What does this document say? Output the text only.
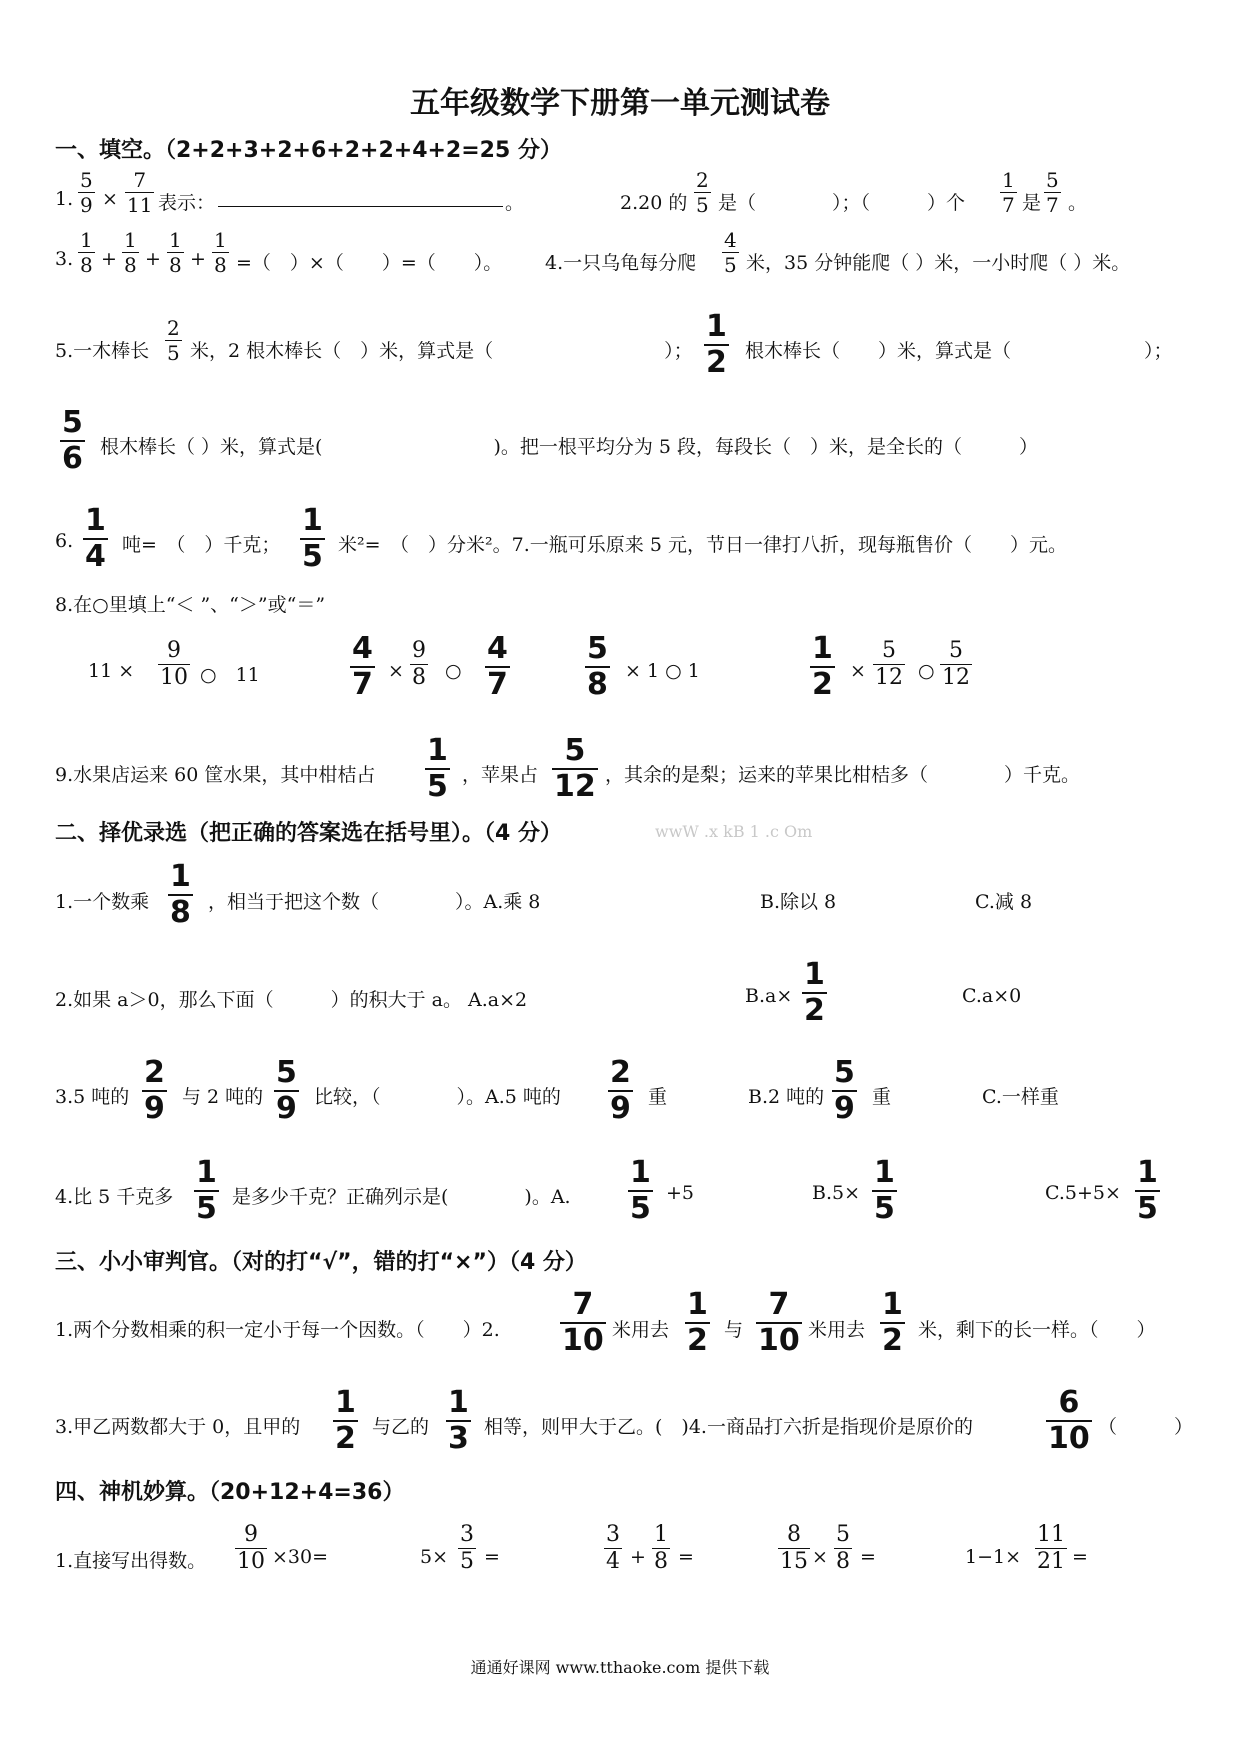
五年级数学下册第一单元测试卷
一、填空。（2+2+3+2+6+2+2+4+2=25 分）
1.
5
9 ×
7
11 表示：	。	2.20 的
2
5 是（　　　　）；（　　　）个
1
7 是
5
7 。
3.
1
8 +
1
8 +
1
8 +
1
8 =（　）×（　　）=（　　）。 4.一只乌龟每分爬
4
5 米，35 分钟能爬（ ）米，一小时爬（ ）米。
5.一木棒长
2
5 米，2 根木棒长（　）米，算式是（　　　　　　　　　）；
1
2 根木棒长（　　）米，算式是（　　　　　　　）；
5
6 根木棒长（ ）米，算式是(　　　　　　　　　)。把一根平均分为 5 段，每段长（　）米，是全长的（　　　）
6.
1
4 吨=　（　）千克；
1
5 米²=　（　）分米²。7.一瓶可乐原来 5 元，节日一律打八折，现每瓶售价（　　）元。
8.在○里填上“＜ ”、“＞”或“＝”
11 ×
9
10 ○　11
4
7 ×
9
8 ○
4
7
5
8 × 1 ○ 1
1
2 ×
5
12 ○
5
12
9.水果店运来 60 筐水果，其中柑桔占
1
5 ，苹果占
5
12 ，其余的是梨；运来的苹果比柑桔多（　　　　）千克。
二、择优录选（把正确的答案选在括号里）。（4 分）	wwW .x kB 1 .c Om
1.一个数乘
1
8 ，相当于把这个数（　　　　）。A.乘 8	B.除以 8	C.减 8
2.如果 a＞0，那么下面（　　　）的积大于 a。 A.a×2	B.a×
1
2	C.a×0
3.5 吨的
2
9 与 2 吨的
5
9 比较，（　　　　）。A.5 吨的
2
9 重	B.2 吨的
5
9 重	C.一样重
4.比 5 千克多
1
5 是多少千克？正确列示是(　　　　)。A.
1
5 +5	B.5×
1
5	C.5+5×
1
5
三、小小审判官。（对的打“√”，错的打“×”）（4 分）
1.两个分数相乘的积一定小于每一个因数。（　　）2.
7
10 米用去
1
2 与
7
10 米用去
1
2 米，剩下的长一样。（　　）
3.甲乙两数都大于 0，且甲的
1
2 与乙的
1
3 相等，则甲大于乙。(　)4.一商品打六折是指现价是原价的
6
10 （　　　）
四、神机妙算。（20+12+4=36）
1.直接写出得数。
9
10 ×30=	5×
3
5 =
3
4 +
1
8 =
8
15 ×
5
8 =	1−1×
11
21 =
通通好课网 www.tthaoke.com 提供下载
